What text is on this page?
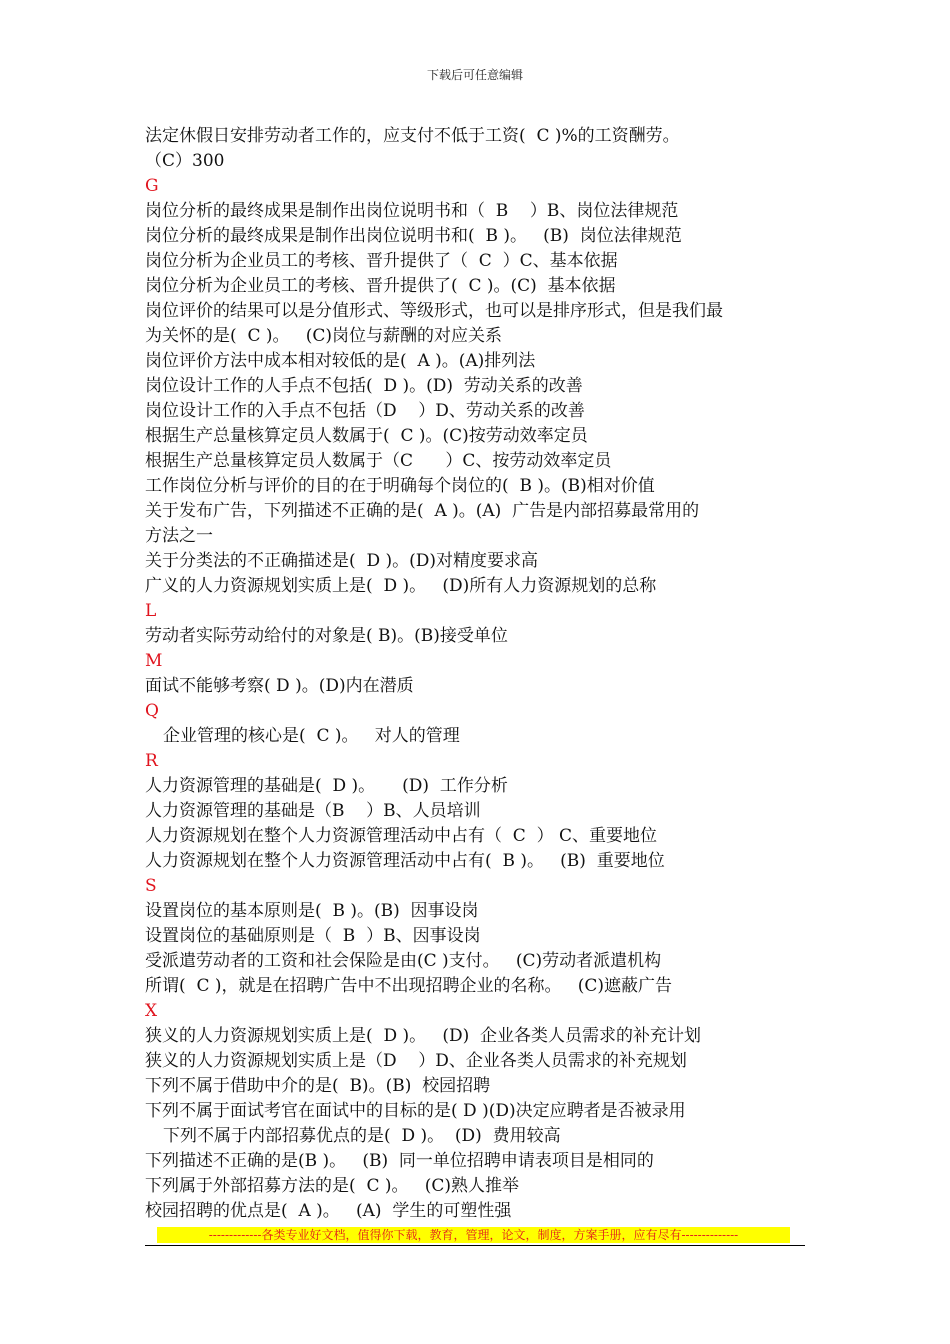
下载后可任意编辑
法定休假日安排劳动者工作的，应支付不低于工资(  C )%的工资酬劳。
（C）300
G
岗位分析的最终成果是制作出岗位说明书和（  B    ）B、岗位法律规范
岗位分析的最终成果是制作出岗位说明书和(  B )。   (B)  岗位法律规范
岗位分析为企业员工的考核、晋升提供了（  C  ）C、基本依据
岗位分析为企业员工的考核、晋升提供了(  C )。(C)  基本依据
岗位评价的结果可以是分值形式、等级形式，也可以是排序形式，但是我们最
为关怀的是(  C )。   (C)岗位与薪酬的对应关系
岗位评价方法中成本相对较低的是(  A )。(A)排列法
岗位设计工作的人手点不包括(  D )。(D)  劳动关系的改善
岗位设计工作的入手点不包括（D    ）D、劳动关系的改善
根据生产总量核算定员人数属于(  C )。(C)按劳动效率定员
根据生产总量核算定员人数属于（C      ）C、按劳动效率定员
工作岗位分析与评价的目的在于明确每个岗位的(  B )。(B)相对价值
关于发布广告，下列描述不正确的是(  A )。(A)  广告是内部招募最常用的
方法之一
关于分类法的不正确描述是(  D )。(D)对精度要求高
广义的人力资源规划实质上是(  D )。   (D)所有人力资源规划的总称
L
劳动者实际劳动给付的对象是( B)。(B)接受单位
M
面试不能够考察( D )。(D)内在潜质
Q
企业管理的核心是(  C )。   对人的管理
R
人力资源管理的基础是(  D )。     (D)  工作分析
人力资源管理的基础是（B    ）B、人员培训
人力资源规划在整个人力资源管理活动中占有（  C  ） C、重要地位
人力资源规划在整个人力资源管理活动中占有(  B )。   (B)  重要地位
S
设置岗位的基本原则是(  B )。(B)  因事设岗
设置岗位的基础原则是（  B  ）B、因事设岗
受派遣劳动者的工资和社会保险是由(C )支付。   (C)劳动者派遣机构
所谓(  C )，就是在招聘广告中不出现招聘企业的名称。   (C)遮蔽广告
X
狭义的人力资源规划实质上是(  D )。   (D)  企业各类人员需求的补充计划
狭义的人力资源规划实质上是（D    ）D、企业各类人员需求的补充规划
下列不属于借助中介的是(  B)。(B)  校园招聘
下列不属于面试考官在面试中的目标的是( D )(D)决定应聘者是否被录用
下列不属于内部招募优点的是(  D )。  (D)  费用较高
下列描述不正确的是(B )。   (B)  同一单位招聘申请表项目是相同的
下列属于外部招募方法的是(  C )。   (C)熟人推举
校园招聘的优点是(  A )。   (A)  学生的可塑性强
-------------各类专业好文档，值得你下载，教育，管理，论文，制度，方案手册，应有尽有--------------
